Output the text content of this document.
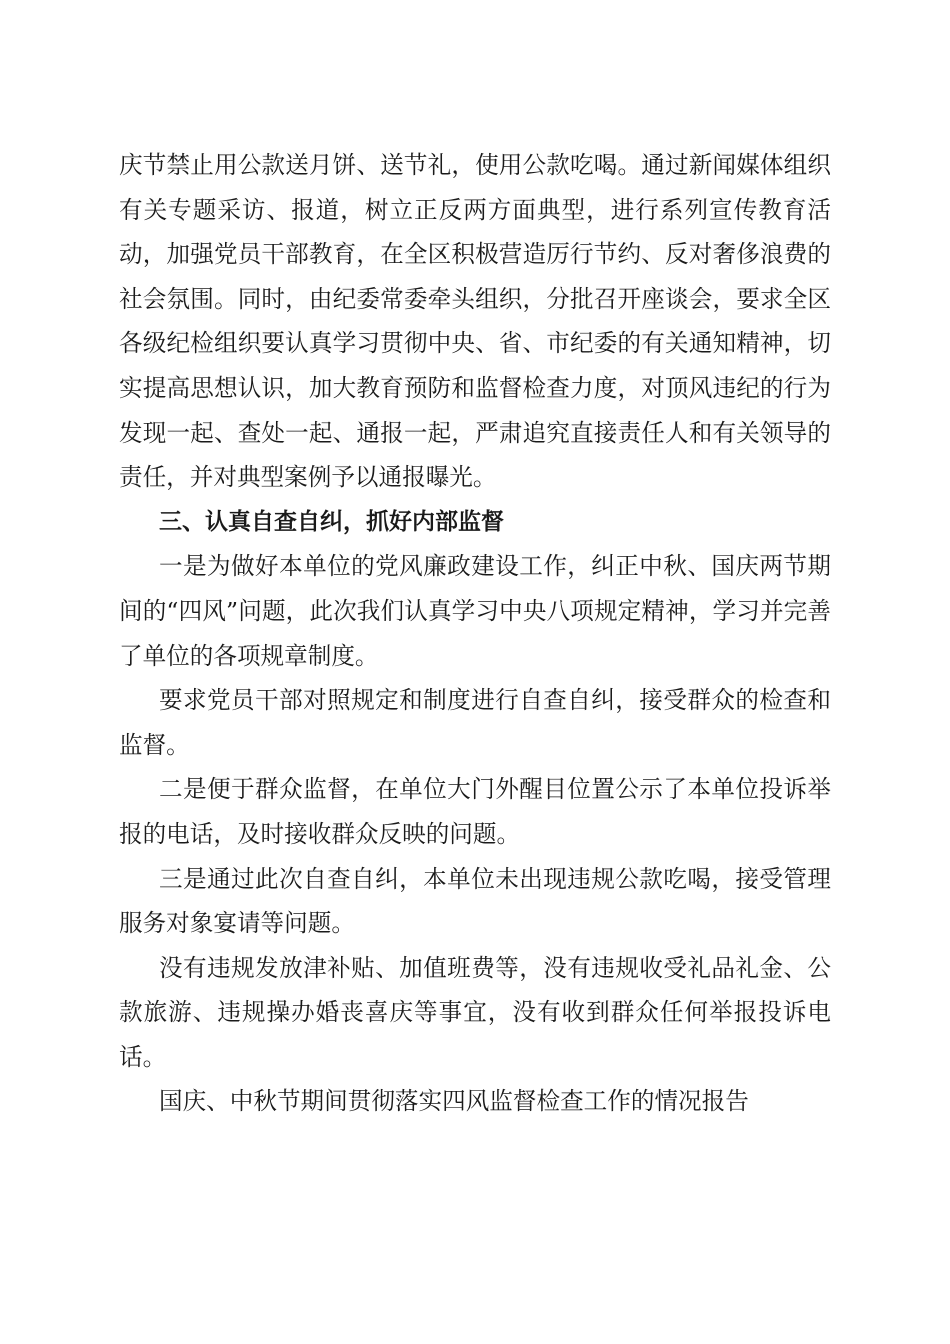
庆节禁止用公款送月饼、送节礼，使用公款吃喝。通过新闻媒体组织有关专题采访、报道，树立正反两方面典型，进行系列宣传教育活动，加强党员干部教育，在全区积极营造厉行节约、反对奢侈浪费的社会氛围。同时，由纪委常委牵头组织，分批召开座谈会，要求全区各级纪检组织要认真学习贯彻中央、省、市纪委的有关通知精神，切实提高思想认识，加大教育预防和监督检查力度，对顶风违纪的行为发现一起、查处一起、通报一起，严肃追究直接责任人和有关领导的责任，并对典型案例予以通报曝光。

三、认真自查自纠，抓好内部监督

一是为做好本单位的党风廉政建设工作，纠正中秋、国庆两节期间的“四风”问题，此次我们认真学习中央八项规定精神，学习并完善了单位的各项规章制度。

要求党员干部对照规定和制度进行自查自纠，接受群众的检查和监督。

二是便于群众监督，在单位大门外醒目位置公示了本单位投诉举报的电话，及时接收群众反映的问题。

三是通过此次自查自纠，本单位未出现违规公款吃喝，接受管理服务对象宴请等问题。

没有违规发放津补贴、加值班费等，没有违规收受礼品礼金、公款旅游、违规操办婚丧喜庆等事宜，没有收到群众任何举报投诉电话。

国庆、中秋节期间贯彻落实四风监督检查工作的情况报告
